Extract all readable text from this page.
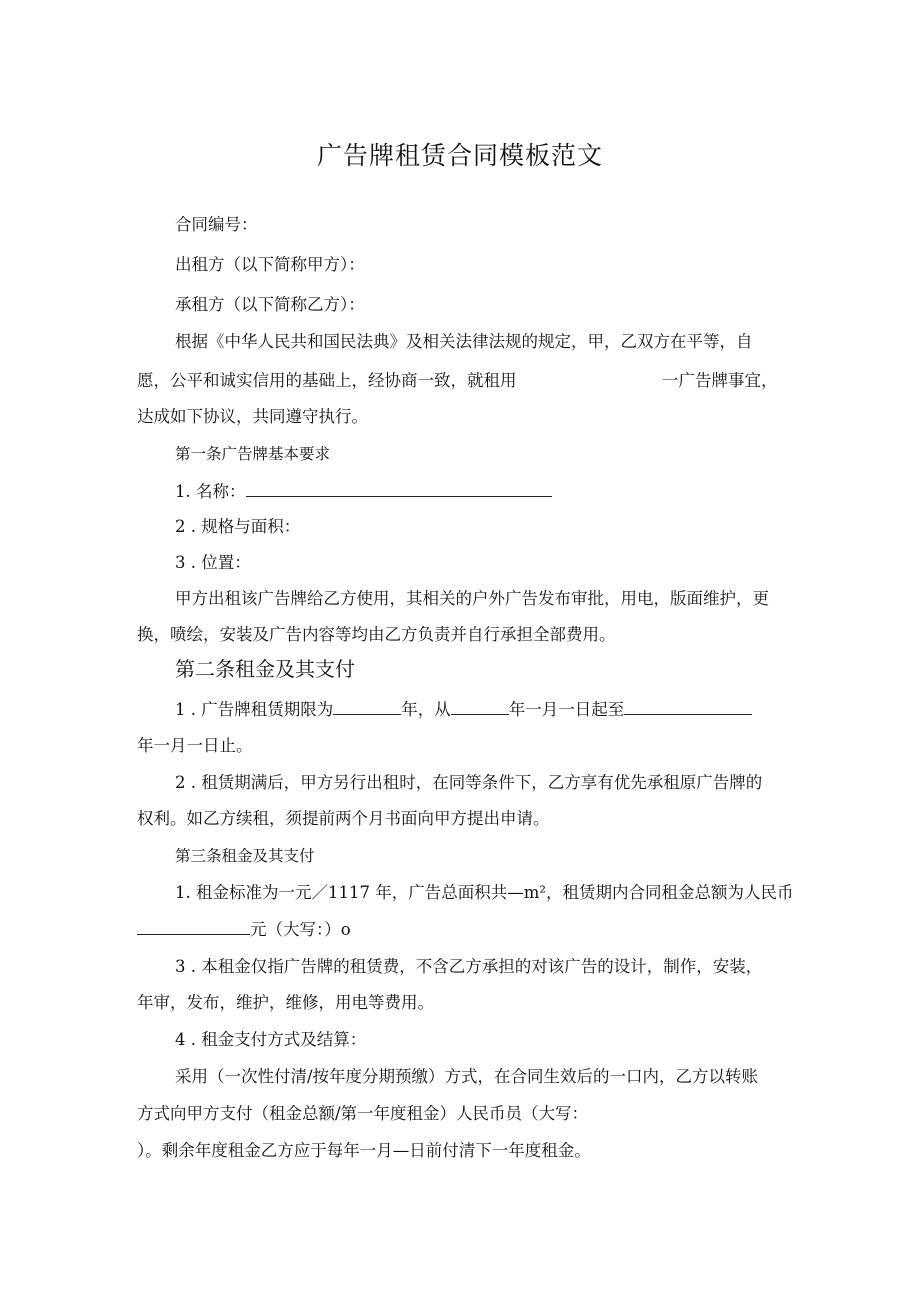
广告牌租赁合同模板范文
合同编号：
出租方（以下简称甲方）：
承租方（以下简称乙方）：
根据《中华人民共和国民法典》及相关法律法规的规定，甲，乙双方在平等，自
愿，公平和诚实信用的基础上，经协商一致，就租用	一广告牌事宜，
达成如下协议，共同遵守执行。
第一条广告牌基本要求
1. 名称：
2 . 规格与面积：
3 . 位置：
甲方出租该广告牌给乙方使用，其相关的户外广告发布审批，用电，版面维护，更
换，喷绘，安装及广告内容等均由乙方负责并自行承担全部费用。
第二条租金及其支付
1 . 广告牌租赁期限为	年，从	年一月一日起至
年一月一日止。
2 . 租赁期满后，甲方另行出租时，在同等条件下，乙方享有优先承租原广告牌的
权利。如乙方续租，须提前两个月书面向甲方提出申请。
第三条租金及其支付
1. 租金标准为一元／1117 年，广告总面积共—m²，租赁期内合同租金总额为人民币
元（大写：）o
3 . 本租金仅指广告牌的租赁费，不含乙方承担的对该广告的设计，制作，安装，
年审，发布，维护，维修，用电等费用。
4 . 租金支付方式及结算：
采用（一次性付清/按年度分期预缴）方式，在合同生效后的一口内，乙方以转账
方式向甲方支付（租金总额/第一年度租金）人民币员（大写：
）。剩余年度租金乙方应于每年一月—日前付清下一年度租金。
